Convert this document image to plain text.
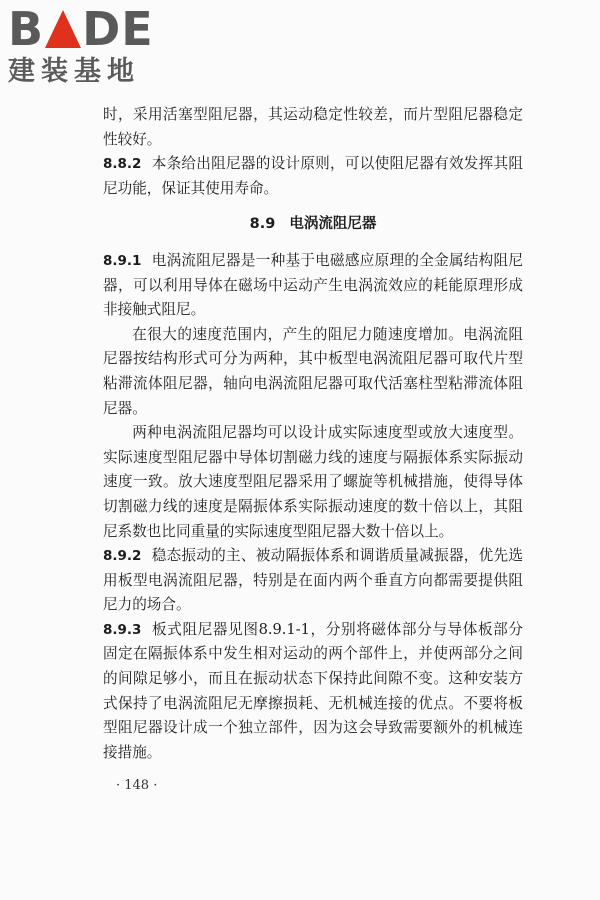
B DE
建装基地

时，采用活塞型阻尼器，其运动稳定性较差，而片型阻尼器稳定性较好。

8.8.2 本条给出阻尼器的设计原则，可以使阻尼器有效发挥其阻尼功能，保证其使用寿命。

8.9 电涡流阻尼器

8.9.1 电涡流阻尼器是一种基于电磁感应原理的全金属结构阻尼器，可以利用导体在磁场中运动产生电涡流效应的耗能原理形成非接触式阻尼。

在很大的速度范围内，产生的阻尼力随速度增加。电涡流阻尼器按结构形式可分为两种，其中板型电涡流阻尼器可取代片型粘滞流体阻尼器，轴向电涡流阻尼器可取代活塞柱型粘滞流体阻尼器。

两种电涡流阻尼器均可以设计成实际速度型或放大速度型。实际速度型阻尼器中导体切割磁力线的速度与隔振体系实际振动速度一致。放大速度型阻尼器采用了螺旋等机械措施，使得导体切割磁力线的速度是隔振体系实际振动速度的数十倍以上，其阻尼系数也比同重量的实际速度型阻尼器大数十倍以上。

8.9.2 稳态振动的主、被动隔振体系和调谐质量减振器，优先选用板型电涡流阻尼器，特别是在面内两个垂直方向都需要提供阻尼力的场合。

8.9.3 板式阻尼器见图8.9.1-1，分别将磁体部分与导体板部分固定在隔振体系中发生相对运动的两个部件上，并使两部分之间的间隙足够小，而且在振动状态下保持此间隙不变。这种安装方式保持了电涡流阻尼无摩擦损耗、无机械连接的优点。不要将板型阻尼器设计成一个独立部件，因为这会导致需要额外的机械连接措施。

· 148 ·
